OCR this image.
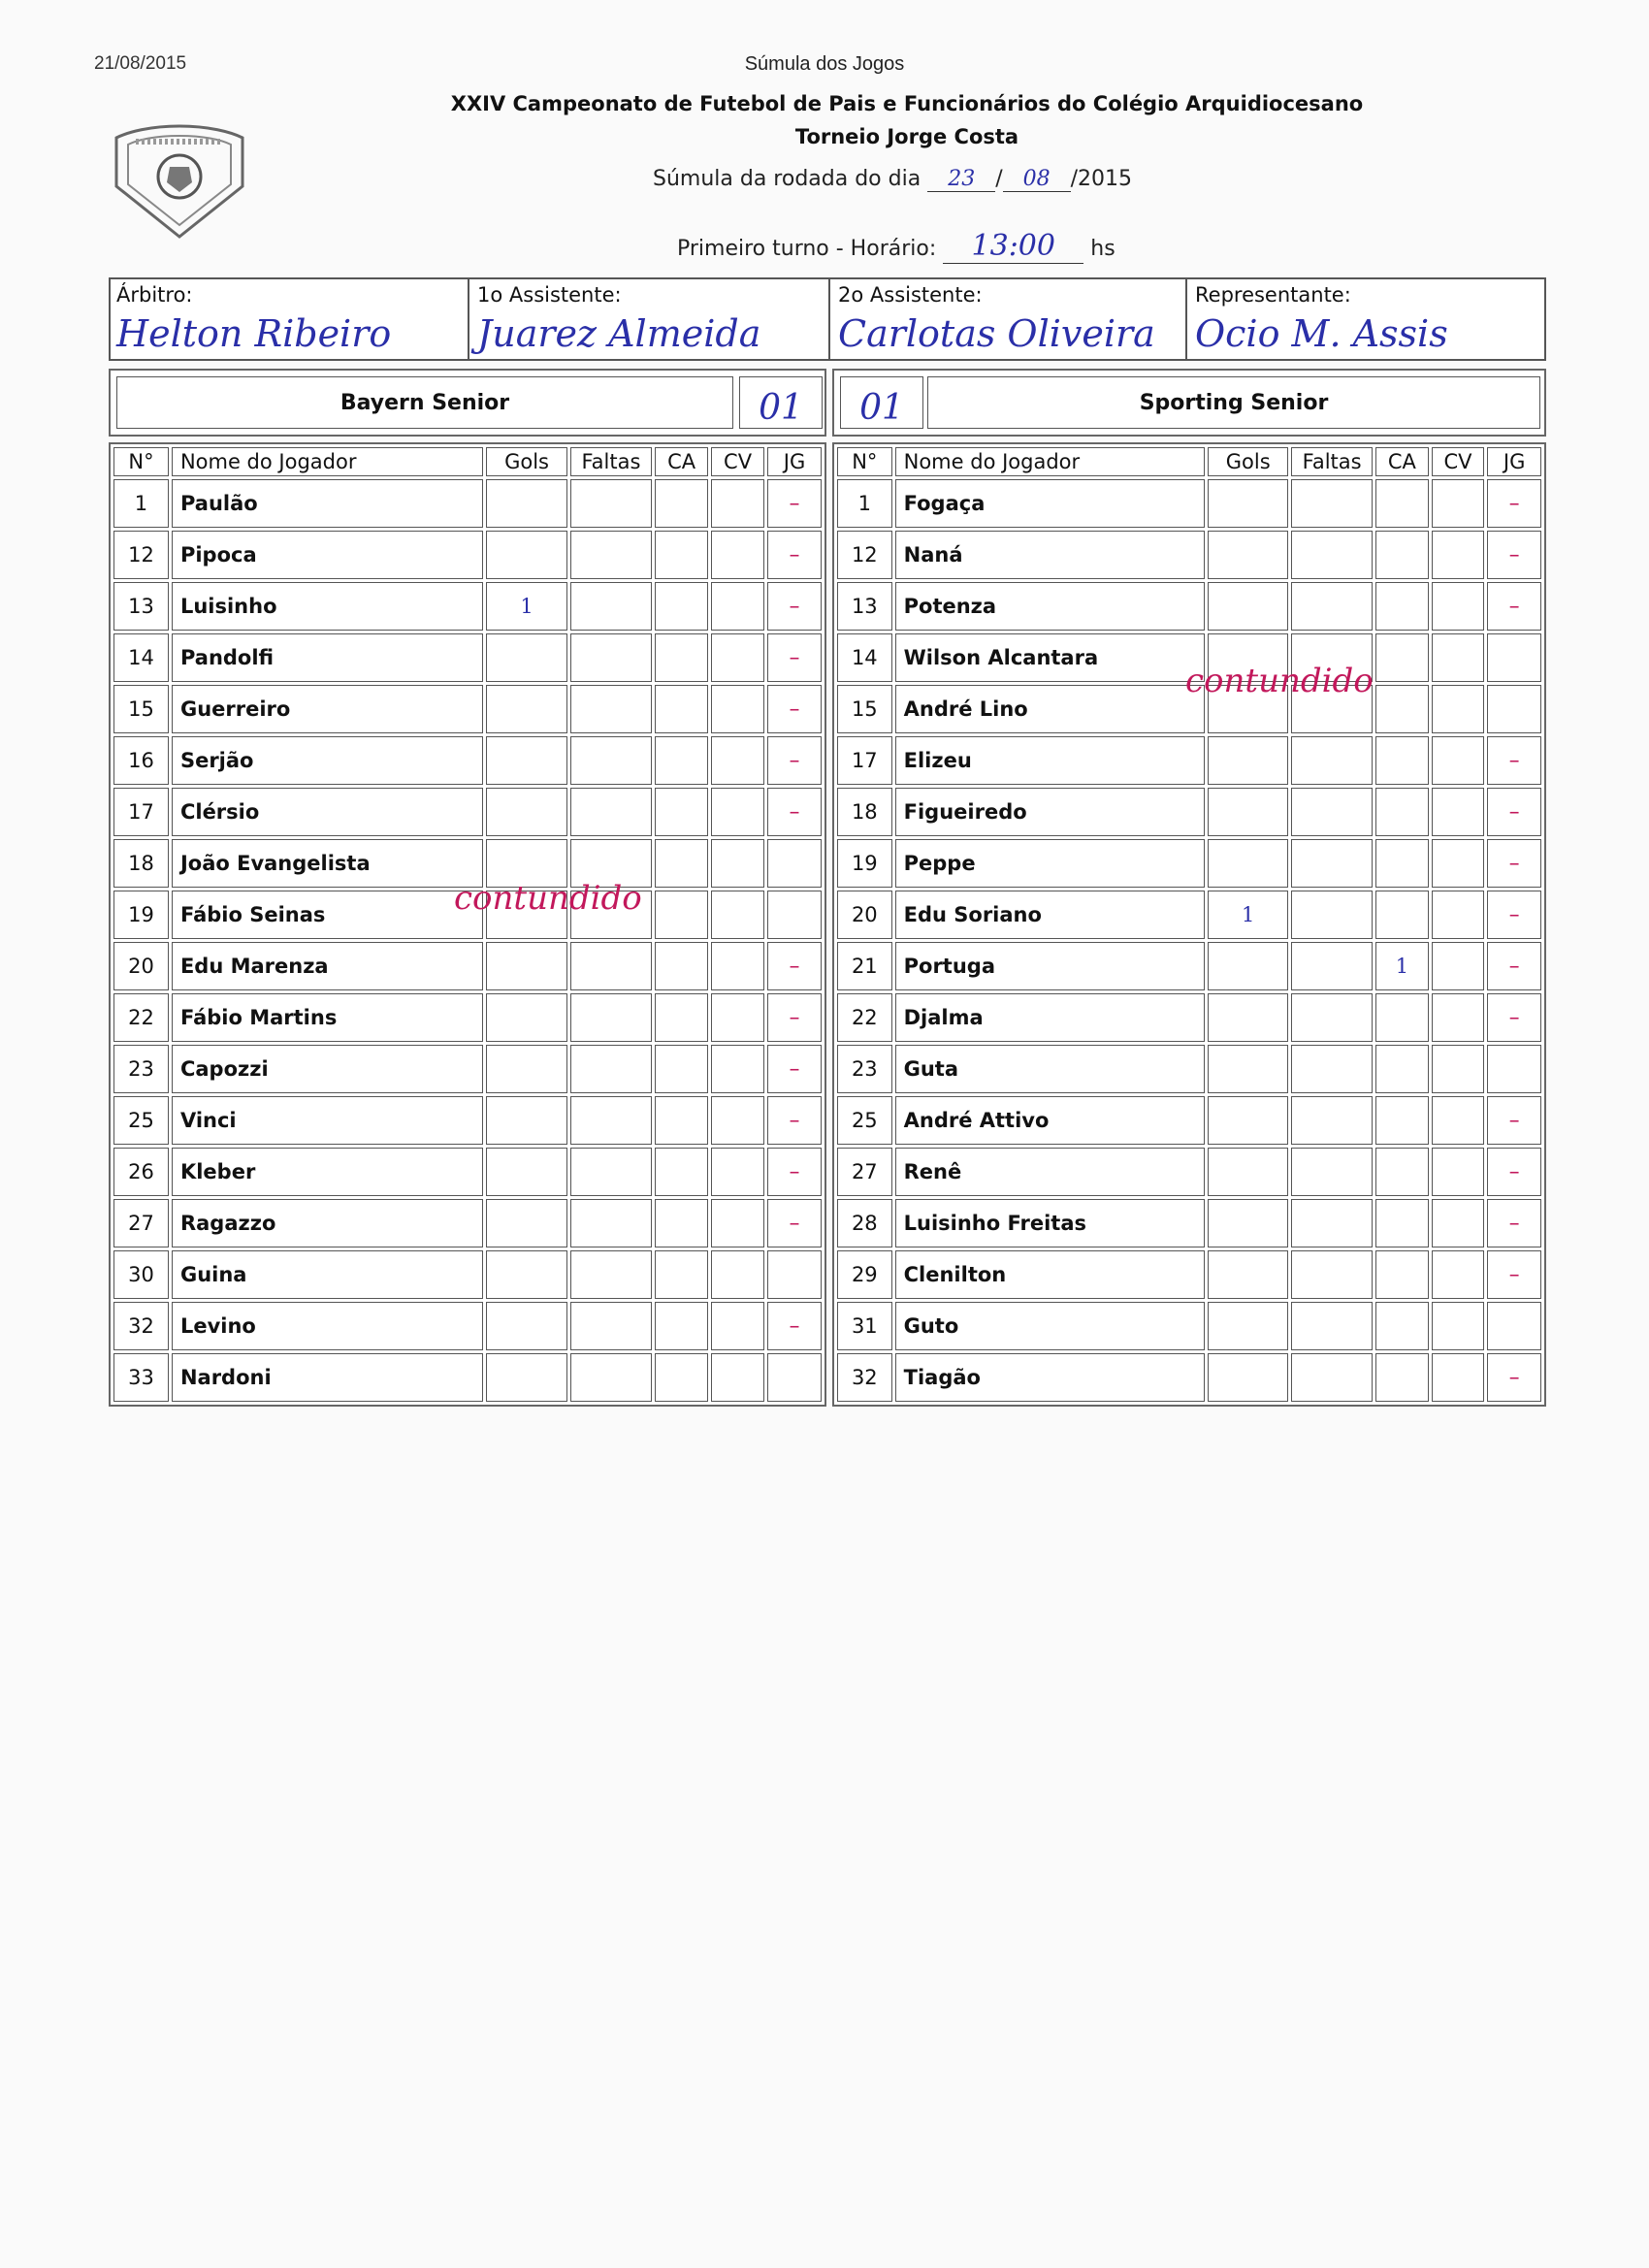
21/08/2015	Súmula dos Jogos
XXIV Campeonato de Futebol de Pais e Funcionários do Colégio Arquidiocesano
Torneio Jorge Costa
Súmula da rodada do dia 23 / 08 /2015
Primeiro turno - Horário: 13:00 hs
Árbitro:
Helton Ribeiro
1o Assistente:
Juarez Almeida
2o Assistente:
Carlotas Oliveira
Representante:
Ocio M. Assis
Bayern Senior	01	01	Sporting Senior
N°	Nome do Jogador	Gols	Faltas	CA	CV	JG
1	Paulão					–
12	Pipoca					–
13	Luisinho	1				–
14	Pandolfi					–
15	Guerreiro					–
16	Serjão					–
17	Clérsio					–
18	João Evangelista					
19	Fábio Seinas					
20	Edu Marenza					–
22	Fábio Martins					–
23	Capozzi					–
25	Vinci					–
26	Kleber					–
27	Ragazzo					–
30	Guina					
32	Levino					–
33	Nardoni					
N°	Nome do Jogador	Gols	Faltas	CA	CV	JG
1	Fogaça					–
12	Naná					–
13	Potenza					–
14	Wilson Alcantara					
15	André Lino					
17	Elizeu					–
18	Figueiredo					–
19	Peppe					–
20	Edu Soriano	1				–
21	Portuga			1		–
22	Djalma					–
23	Guta					
25	André Attivo					–
27	Renê					–
28	Luisinho Freitas					–
29	Clenilton					–
31	Guto					
32	Tiagão					–
contundido
contundido
